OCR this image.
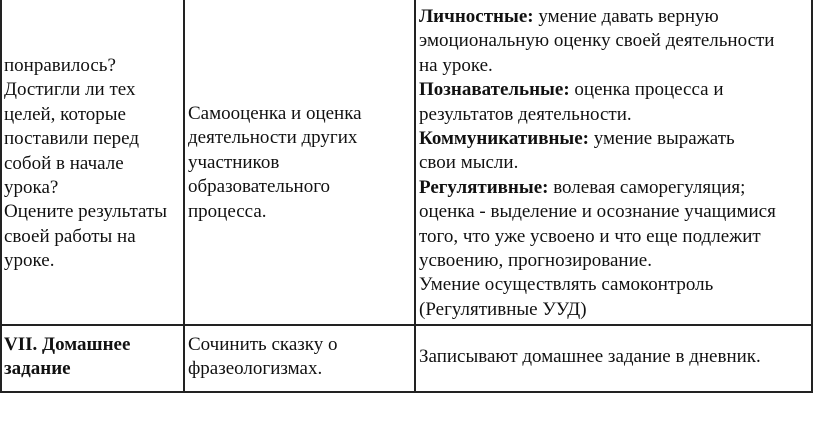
понравилось?
Достигли ли тех
целей, которые
поставили перед
собой в начале
урока?
Оцените результаты
своей работы на
уроке.
Самооценка и оценка
деятельности других
участников
образовательного
процесса.
Личностные: умение давать верную
эмоциональную оценку своей деятельности
на уроке.
Познавательные: оценка процесса и
результатов деятельности.
Коммуникативные: умение выражать
свои мысли.
Регулятивные: волевая саморегуляция;
оценка - выделение и осознание учащимися
того, что уже усвоено и что еще подлежит
усвоению, прогнозирование.
Умение осуществлять самоконтроль
(Регулятивные УУД)
VII. Домашнее
задание
Сочинить сказку о
фразеологизмах.
Записывают домашнее задание в дневник.
